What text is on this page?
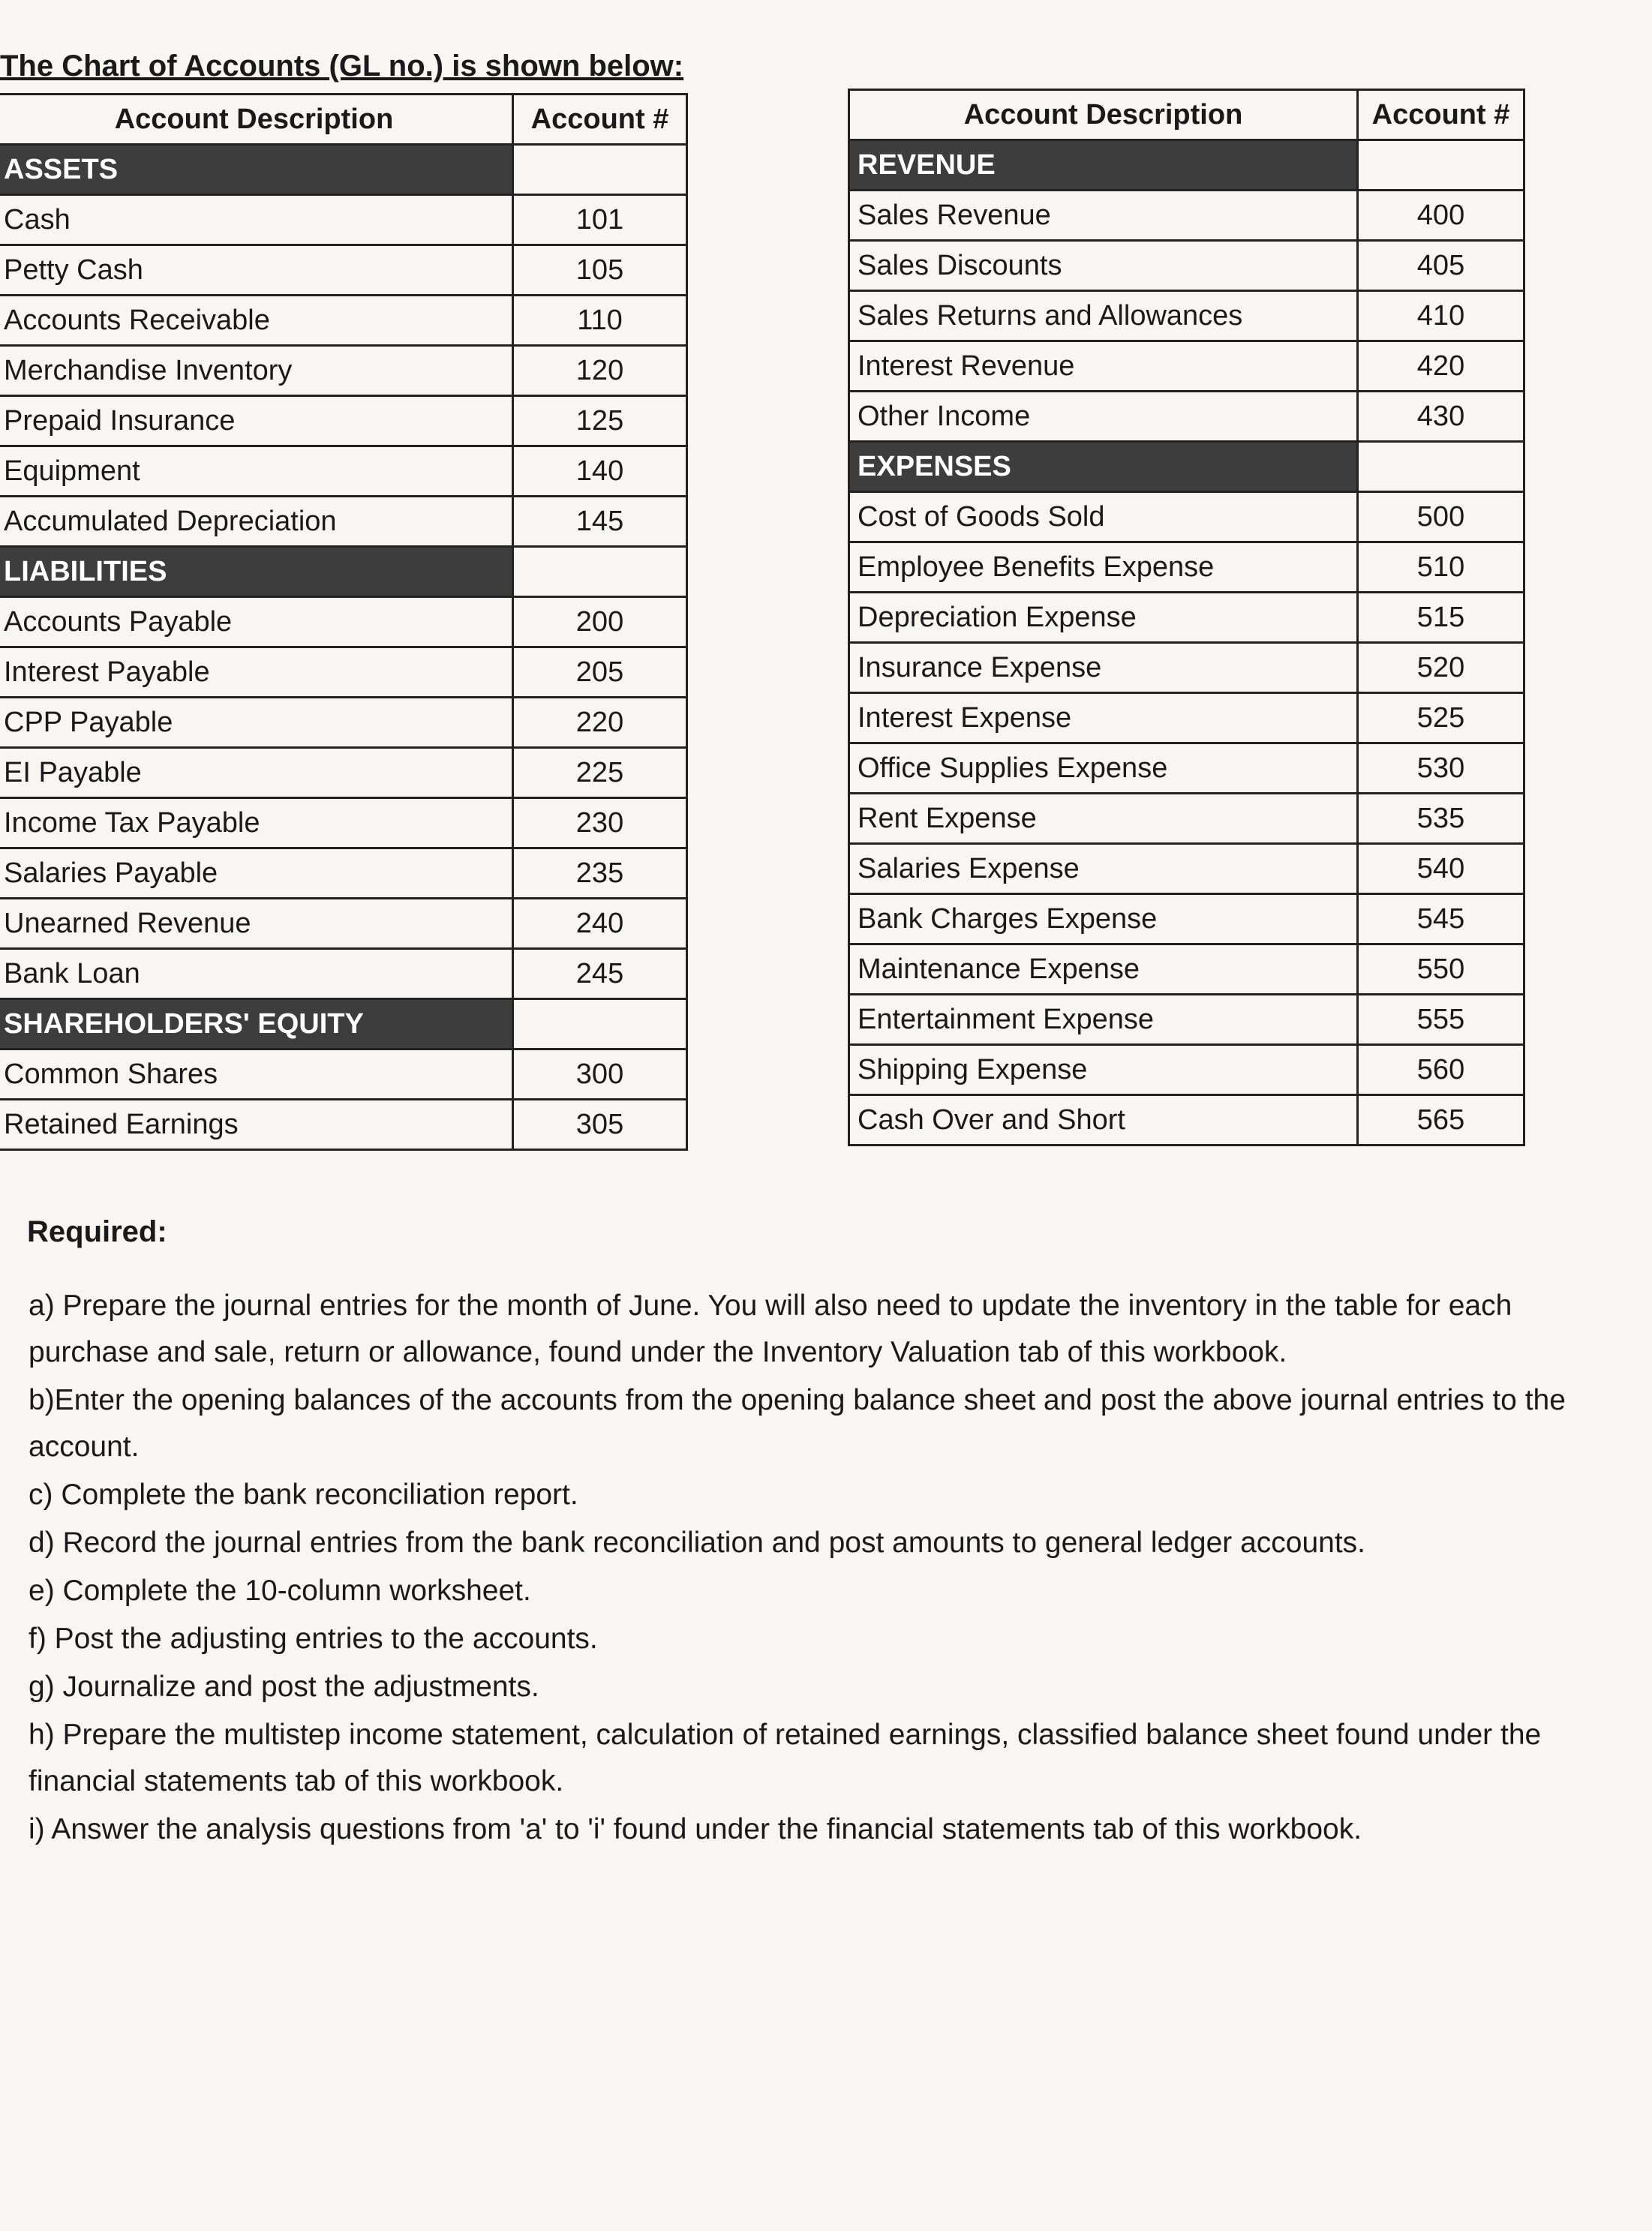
The Chart of Accounts (GL no.) is shown below:
Account Description	Account #
ASSETS	
Cash	101
Petty Cash	105
Accounts Receivable	110
Merchandise Inventory	120
Prepaid Insurance	125
Equipment	140
Accumulated Depreciation	145
LIABILITIES	
Accounts Payable	200
Interest Payable	205
CPP Payable	220
EI Payable	225
Income Tax Payable	230
Salaries Payable	235
Unearned Revenue	240
Bank Loan	245
SHAREHOLDERS' EQUITY	
Common Shares	300
Retained Earnings	305
Account Description	Account #
REVENUE	
Sales Revenue	400
Sales Discounts	405
Sales Returns and Allowances	410
Interest Revenue	420
Other Income	430
EXPENSES	
Cost of Goods Sold	500
Employee Benefits Expense	510
Depreciation Expense	515
Insurance Expense	520
Interest Expense	525
Office Supplies Expense	530
Rent Expense	535
Salaries Expense	540
Bank Charges Expense	545
Maintenance Expense	550
Entertainment Expense	555
Shipping Expense	560
Cash Over and Short	565
Required:
a) Prepare the journal entries for the month of June. You will also need to update the inventory in the table for each purchase and sale, return or allowance, found under the Inventory Valuation tab of this workbook.
b)Enter the opening balances of the accounts from the opening balance sheet and post the above journal entries to the account.
c) Complete the bank reconciliation report.
d) Record the journal entries from the bank reconciliation and post amounts to general ledger accounts.
e) Complete the 10-column worksheet.
f) Post the adjusting entries to the accounts.
g) Journalize and post the adjustments.
h) Prepare the multistep income statement, calculation of retained earnings, classified balance sheet found under the financial statements tab of this workbook.
i) Answer the analysis questions from 'a' to 'i' found under the financial statements tab of this workbook.
